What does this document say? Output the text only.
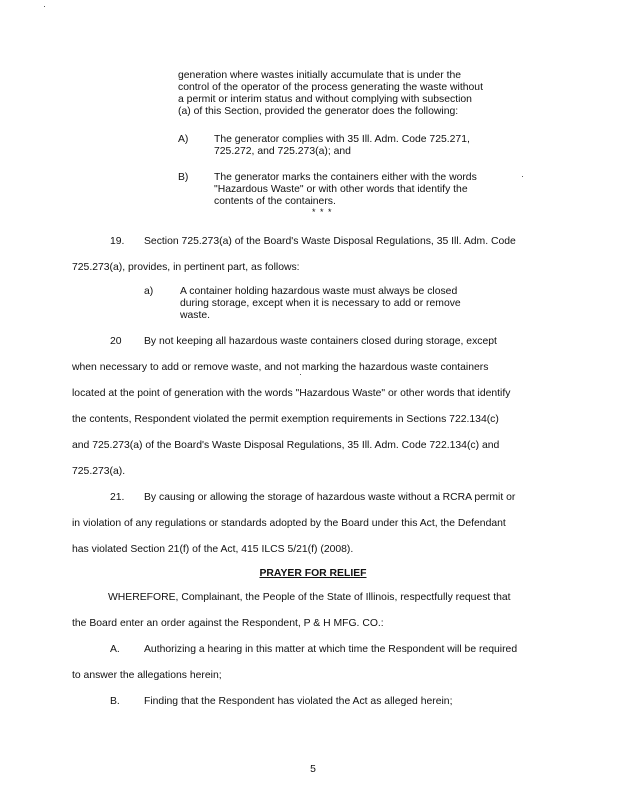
generation where wastes initially accumulate that is under the
control of the operator of the process generating the waste without
a permit or interim status and without complying with subsection
(a) of this Section, provided the generator does the following:
A) The generator complies with 35 Ill. Adm. Code 725.271,
725.272, and 725.273(a); and
B) The generator marks the containers either with the words
"Hazardous Waste" or with other words that identify the
contents of the containers.
* * *
19. Section 725.273(a) of the Board's Waste Disposal Regulations, 35 Ill. Adm. Code
725.273(a), provides, in pertinent part, as follows:
a)	A container holding hazardous waste must always be closed
during storage, except when it is necessary to add or remove
waste.
20 By not keeping all hazardous waste containers closed during storage, except
when necessary to add or remove waste, and not marking the hazardous waste containers
located at the point of generation with the words "Hazardous Waste" or other words that identify
the contents, Respondent violated the permit exemption requirements in Sections 722.134(c)
and 725.273(a) of the Board's Waste Disposal Regulations, 35 Ill. Adm. Code 722.134(c) and
725.273(a).
21. By causing or allowing the storage of hazardous waste without a RCRA permit or
in violation of any regulations or standards adopted by the Board under this Act, the Defendant
has violated Section 21(f) of the Act, 415 ILCS 5/21(f) (2008).
PRAYER FOR RELIEF
WHEREFORE, Complainant, the People of the State of Illinois, respectfully request that
the Board enter an order against the Respondent, P & H MFG. CO.:
A. Authorizing a hearing in this matter at which time the Respondent will be required
to answer the allegations herein;
B. Finding that the Respondent has violated the Act as alleged herein;
5
